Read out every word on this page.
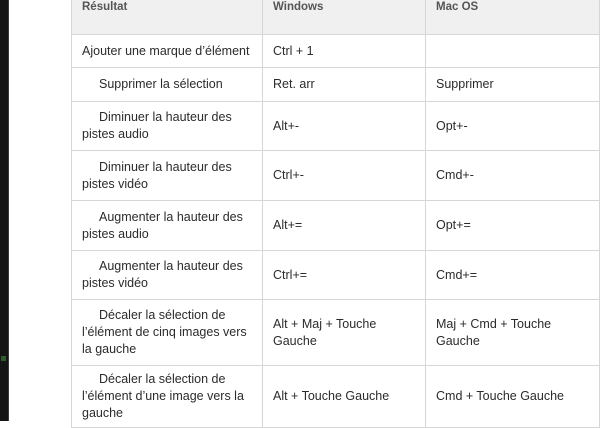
Résultat	Windows	Mac OS
Ajouter une marque d’élément	Ctrl + 1	
Supprimer la sélection	Ret. arr	Supprimer
Diminuer la hauteur des pistes audio	Alt+-	Opt+-
Diminuer la hauteur des pistes vidéo	Ctrl+-	Cmd+-
Augmenter la hauteur des pistes audio	Alt+=	Opt+=
Augmenter la hauteur des pistes vidéo	Ctrl+=	Cmd+=
Décaler la sélection de l’élément de cinq images vers la gauche	Alt + Maj + Touche Gauche	Maj + Cmd + Touche Gauche
Décaler la sélection de l’élément d’une image vers la gauche	Alt + Touche Gauche	Cmd + Touche Gauche
